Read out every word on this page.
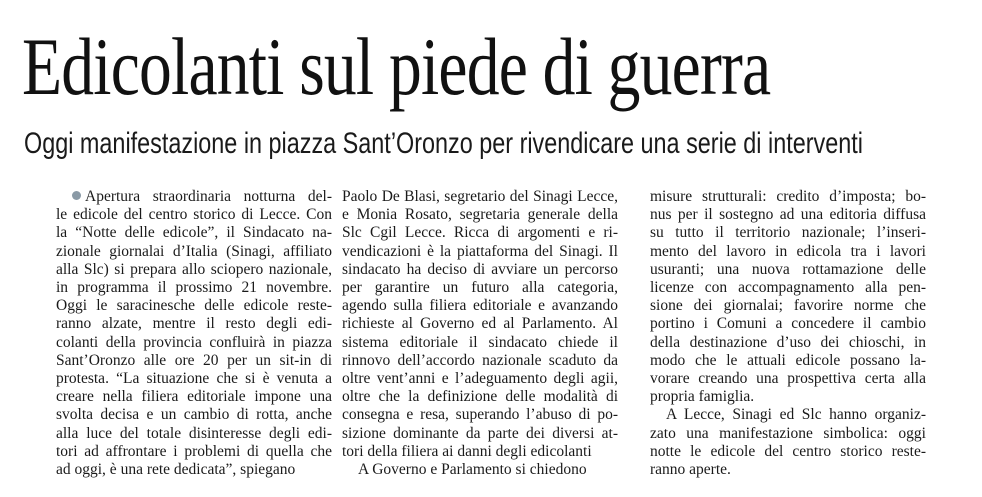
Edicolanti sul piede di guerra
Oggi manifestazione in piazza Sant’Oronzo per rivendicare una serie di interventi
Apertura straordinaria notturna del-
le edicole del centro storico di Lecce. Con
la “Notte delle edicole”, il Sindacato na-
zionale giornalai d’Italia (Sinagi, affiliato
alla Slc) si prepara allo sciopero nazionale,
in programma il prossimo 21 novembre.
Oggi le saracinesche delle edicole reste-
ranno alzate, mentre il resto degli edi-
colanti della provincia confluirà in piazza
Sant’Oronzo alle ore 20 per un sit-in di
protesta. “La situazione che si è venuta a
creare nella filiera editoriale impone una
svolta decisa e un cambio di rotta, anche
alla luce del totale disinteresse degli edi-
tori ad affrontare i problemi di quella che
ad oggi, è una rete dedicata”, spiegano
Paolo De Blasi, segretario del Sinagi Lecce,
e Monia Rosato, segretaria generale della
Slc Cgil Lecce. Ricca di argomenti e ri-
vendicazioni è la piattaforma del Sinagi. Il
sindacato ha deciso di avviare un percorso
per garantire un futuro alla categoria,
agendo sulla filiera editoriale e avanzando
richieste al Governo ed al Parlamento. Al
sistema editoriale il sindacato chiede il
rinnovo dell’accordo nazionale scaduto da
oltre vent’anni e l’adeguamento degli agii,
oltre che la definizione delle modalità di
consegna e resa, superando l’abuso di po-
sizione dominante da parte dei diversi at-
tori della filiera ai danni degli edicolanti
A Governo e Parlamento si chiedono
misure strutturali: credito d’imposta; bo-
nus per il sostegno ad una editoria diffusa
su tutto il territorio nazionale; l’inseri-
mento del lavoro in edicola tra i lavori
usuranti; una nuova rottamazione delle
licenze con accompagnamento alla pen-
sione dei giornalai; favorire norme che
portino i Comuni a concedere il cambio
della destinazione d’uso dei chioschi, in
modo che le attuali edicole possano la-
vorare creando una prospettiva certa alla
propria famiglia.
A Lecce, Sinagi ed Slc hanno organiz-
zato una manifestazione simbolica: oggi
notte le edicole del centro storico reste-
ranno aperte.
